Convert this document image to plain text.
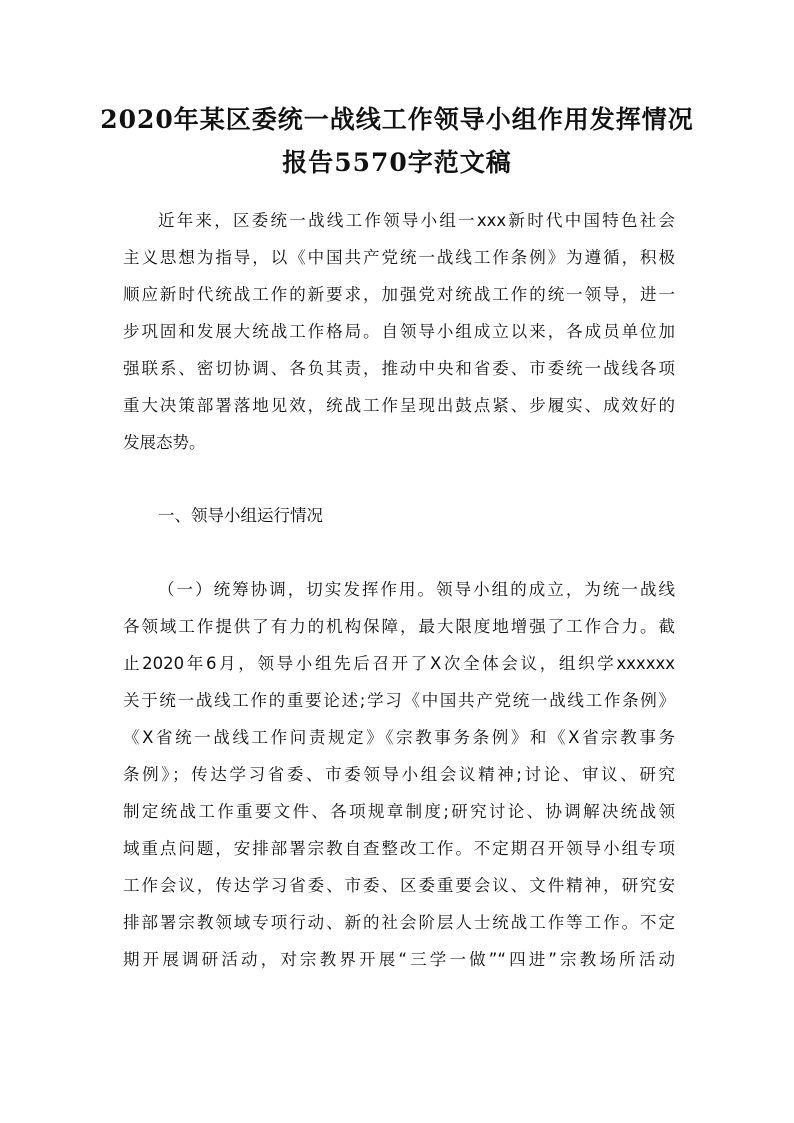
2020年某区委统一战线工作领导小组作用发挥情况
报告5570字范文稿
近年来，区委统一战线工作领导小组一xxx新时代中国特色社会
主义思想为指导，以《中国共产党统一战线工作条例》为遵循，积极
顺应新时代统战工作的新要求，加强党对统战工作的统一领导，进一
步巩固和发展大统战工作格局。自领导小组成立以来，各成员单位加
强联系、密切协调、各负其责，推动中央和省委、市委统一战线各项
重大决策部署落地见效，统战工作呈现出鼓点紧、步履实、成效好的
发展态势。
一、领导小组运行情况
（一）统筹协调，切实发挥作用。领导小组的成立，为统一战线
各领域工作提供了有力的机构保障，最大限度地增强了工作合力。截
止2020年6月，领导小组先后召开了X次全体会议，组织学xxxxxx
关于统一战线工作的重要论述;学习《中国共产党统一战线工作条例》
《X省统一战线工作问责规定》《宗教事务条例》和《X省宗教事务
条例》；传达学习省委、市委领导小组会议精神;讨论、审议、研究
制定统战工作重要文件、各项规章制度;研究讨论、协调解决统战领
域重点问题，安排部署宗教自查整改工作。不定期召开领导小组专项
工作会议，传达学习省委、市委、区委重要会议、文件精神，研究安
排部署宗教领域专项行动、新的社会阶层人士统战工作等工作。不定
期开展调研活动，对宗教界开展“三学一做”“四进”宗教场所活动
